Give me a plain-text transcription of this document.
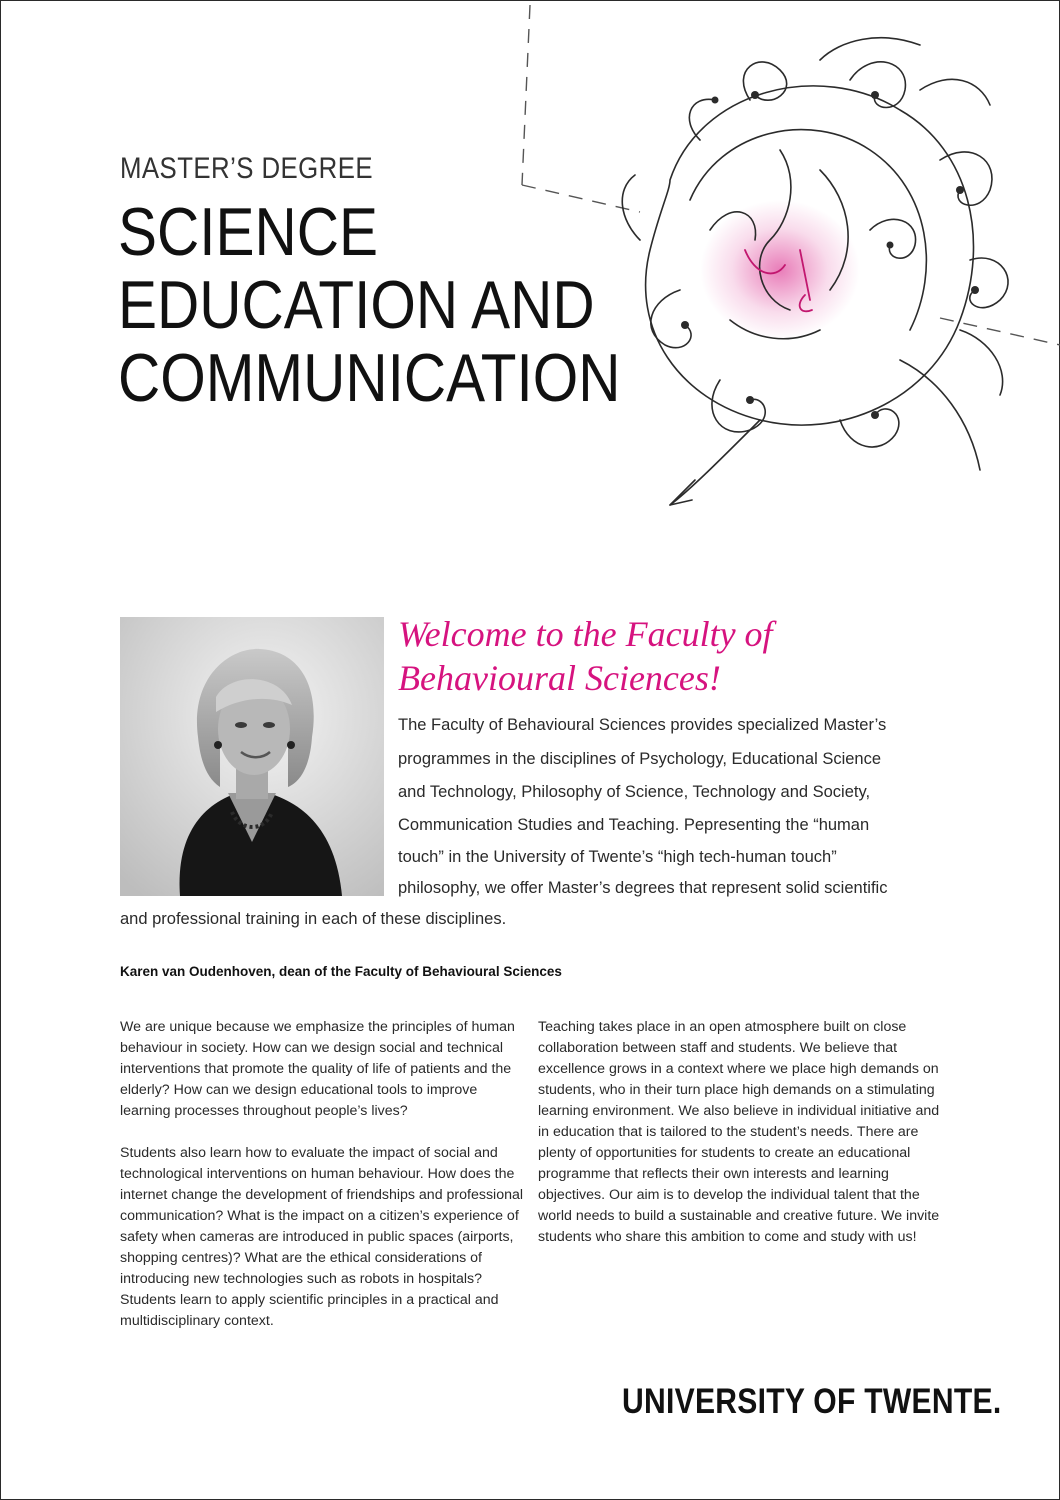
MASTER’S DEGREE
SCIENCE
EDUCATION AND
COMMUNICATION
Welcome to the Faculty of
Behavioural Sciences!
The Faculty of Behavioural Sciences provides specialized Master’s
programmes in the disciplines of Psychology, Educational Science
and Technology, Philosophy of Science, Technology and Society,
Communication Studies and Teaching. Pepresenting the “human
touch” in the University of Twente’s “high tech-human touch”
philosophy, we offer Master’s degrees that represent solid scientific
and professional training in each of these disciplines.
Karen van Oudenhoven, dean of the Faculty of Behavioural Sciences

We are unique because we emphasize the principles of human behaviour in society. How can we design social and technical interventions that promote the quality of life of patients and the elderly? How can we design educational tools to improve learning processes throughout people’s lives?

Students also learn how to evaluate the impact of social and technological interventions on human behaviour. How does the internet change the development of friendships and professional communication? What is the impact on a citizen’s experience of safety when cameras are introduced in public spaces (airports, shopping centres)? What are the ethical considerations of introducing new technologies such as robots in hospitals? Students learn to apply scientific principles in a practical and multidisciplinary context.

Teaching takes place in an open atmosphere built on close collaboration between staff and students. We believe that excellence grows in a context where we place high demands on students, who in their turn place high demands on a stimulating learning environment. We also believe in individual initiative and in education that is tailored to the student’s needs. There are plenty of opportunities for students to create an educational programme that reflects their own interests and learning objectives. Our aim is to develop the individual talent that the world needs to build a sustainable and creative future. We invite students who share this ambition to come and study with us!

UNIVERSITY OF TWENTE.
